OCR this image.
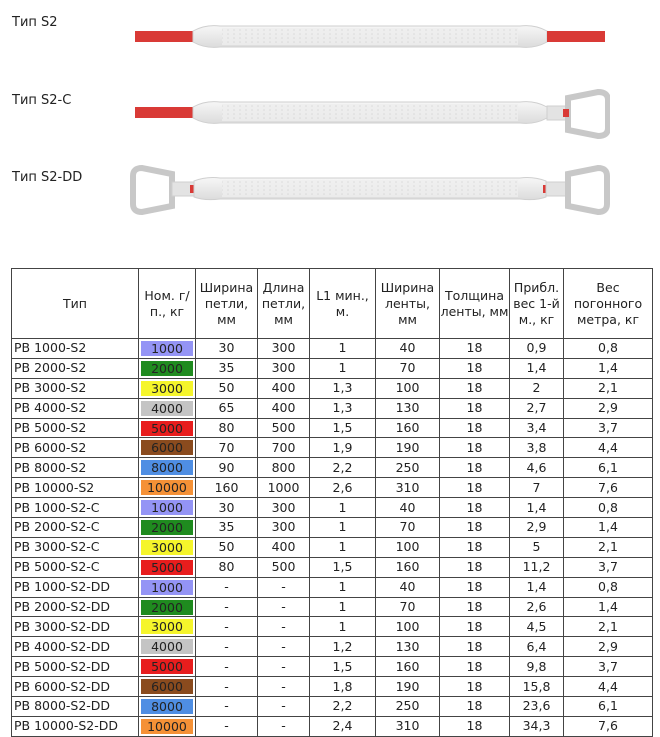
Тип S2
Тип S2-С
Тип S2-DD
Тип	Ном. г/п., кг	Ширина петли, мм	Длина петли, мм	L1 мин., м.	Ширина ленты, мм	Толщина ленты, мм	Прибл. вес 1-й м., кг	Вес погонного метра, кг
РВ 1000-S2	1000	30	300	1	40	18	0,9	0,8
РВ 2000-S2	2000	35	300	1	70	18	1,4	1,4
РВ 3000-S2	3000	50	400	1,3	100	18	2	2,1
РВ 4000-S2	4000	65	400	1,3	130	18	2,7	2,9
РВ 5000-S2	5000	80	500	1,5	160	18	3,4	3,7
РВ 6000-S2	6000	70	700	1,9	190	18	3,8	4,4
РВ 8000-S2	8000	90	800	2,2	250	18	4,6	6,1
РВ 10000-S2	10000	160	1000	2,6	310	18	7	7,6
РВ 1000-S2-С	1000	30	300	1	40	18	1,4	0,8
РВ 2000-S2-С	2000	35	300	1	70	18	2,9	1,4
РВ 3000-S2-С	3000	50	400	1	100	18	5	2,1
РВ 5000-S2-С	5000	80	500	1,5	160	18	11,2	3,7
РВ 1000-S2-DD	1000	-	-	1	40	18	1,4	0,8
РВ 2000-S2-DD	2000	-	-	1	70	18	2,6	1,4
РВ 3000-S2-DD	3000	-	-	1	100	18	4,5	2,1
РВ 4000-S2-DD	4000	-	-	1,2	130	18	6,4	2,9
РВ 5000-S2-DD	5000	-	-	1,5	160	18	9,8	3,7
РВ 6000-S2-DD	6000	-	-	1,8	190	18	15,8	4,4
РВ 8000-S2-DD	8000	-	-	2,2	250	18	23,6	6,1
РВ 10000-S2-DD	10000	-	-	2,4	310	18	34,3	7,6
